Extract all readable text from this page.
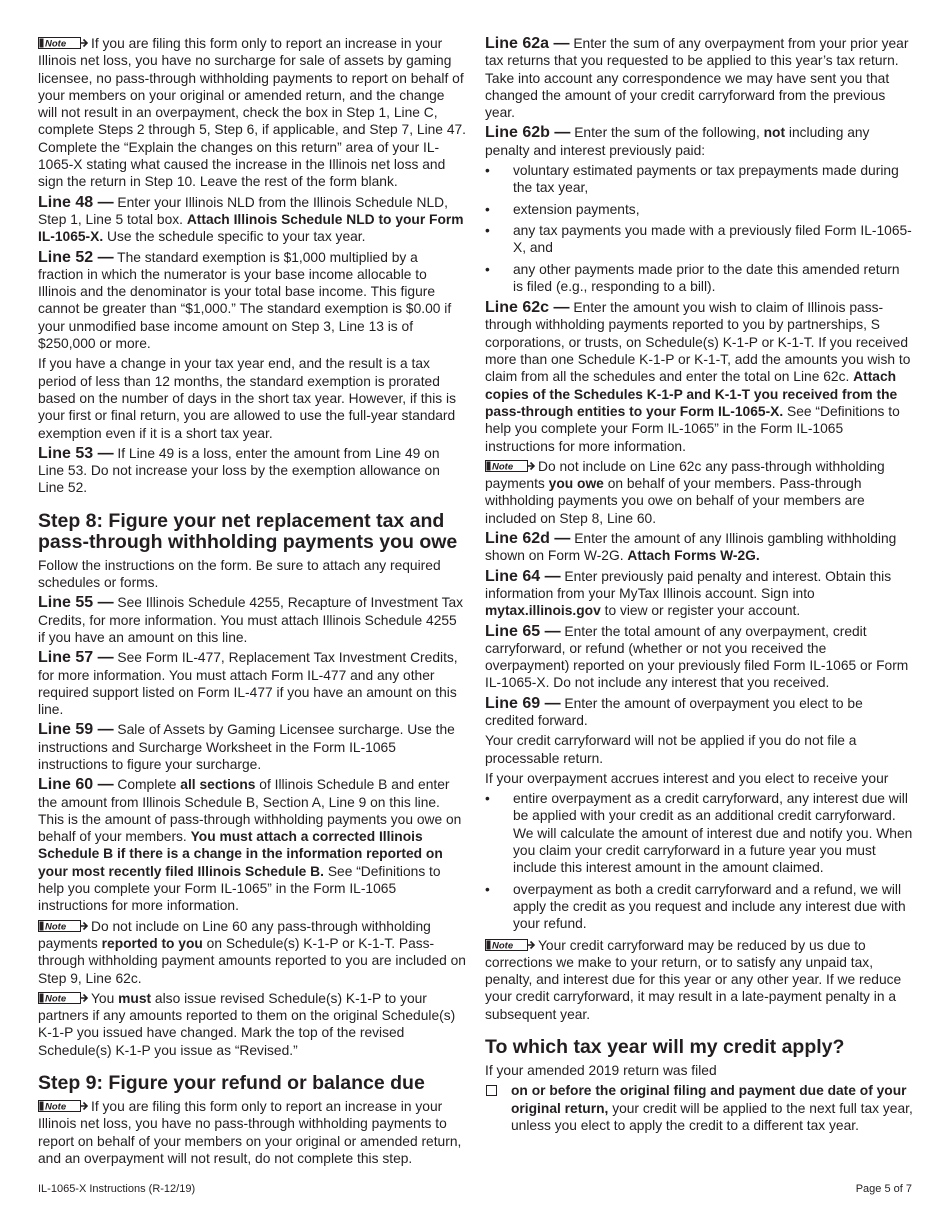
If you are filing this form only to report an increase in your Illinois net loss, you have no surcharge for sale of assets by gaming licensee, no pass-through withholding payments to report on behalf of your members on your original or amended return, and the change will not result in an overpayment, check the box in Step 1, Line C, complete Steps 2 through 5, Step 6, if applicable, and Step 7, Line 47. Complete the “Explain the changes on this return” area of your IL-1065-X stating what caused the increase in the Illinois net loss and sign the return in Step 10. Leave the rest of the form blank.

Line 48 — Enter your Illinois NLD from the Illinois Schedule NLD, Step 1, Line 5 total box. Attach Illinois Schedule NLD to your Form IL-1065-X. Use the schedule specific to your tax year.

Line 52 — The standard exemption is $1,000 multiplied by a fraction in which the numerator is your base income allocable to Illinois and the denominator is your total base income. This figure cannot be greater than “$1,000.” The standard exemption is $0.00 if your unmodified base income amount on Step 3, Line 13 is of $250,000 or more.

If you have a change in your tax year end, and the result is a tax period of less than 12 months, the standard exemption is prorated based on the number of days in the short tax year. However, if this is your first or final return, you are allowed to use the full-year standard exemption even if it is a short tax year.

Line 53 — If Line 49 is a loss, enter the amount from Line 49 on Line 53. Do not increase your loss by the exemption allowance on Line 52.

Step 8: Figure your net replacement tax and pass-through withholding payments you owe

Follow the instructions on the form. Be sure to attach any required schedules or forms.

Line 55 — See Illinois Schedule 4255, Recapture of Investment Tax Credits, for more information. You must attach Illinois Schedule 4255 if you have an amount on this line.

Line 57 — See Form IL-477, Replacement Tax Investment Credits, for more information. You must attach Form IL-477 and any other required support listed on Form IL-477 if you have an amount on this line.

Line 59 — Sale of Assets by Gaming Licensee surcharge. Use the instructions and Surcharge Worksheet in the Form IL-1065 instructions to figure your surcharge.

Line 60 — Complete all sections of Illinois Schedule B and enter the amount from Illinois Schedule B, Section A, Line 9 on this line. This is the amount of pass-through withholding payments you owe on behalf of your members. You must attach a corrected Illinois Schedule B if there is a change in the information reported on your most recently filed Illinois Schedule B. See “Definitions to help you complete your Form IL-1065” in the Form IL-1065 instructions for more information.

Do not include on Line 60 any pass-through withholding payments reported to you on Schedule(s) K-1-P or K-1-T. Pass-through withholding payment amounts reported to you are included on Step 9, Line 62c.

You must also issue revised Schedule(s) K-1-P to your partners if any amounts reported to them on the original Schedule(s) K-1-P you issued have changed. Mark the top of the revised Schedule(s) K-1-P you issue as “Revised.”

Step 9: Figure your refund or balance due

If you are filing this form only to report an increase in your Illinois net loss, you have no pass-through withholding payments to report on behalf of your members on your original or amended return, and an overpayment will not result, do not complete this step.

Line 62a — Enter the sum of any overpayment from your prior year tax returns that you requested to be applied to this year’s tax return. Take into account any correspondence we may have sent you that changed the amount of your credit carryforward from the previous year.

Line 62b — Enter the sum of the following, not including any penalty and interest previously paid:

• voluntary estimated payments or tax prepayments made during the tax year,
• extension payments,
• any tax payments you made with a previously filed Form IL-1065-X, and
• any other payments made prior to the date this amended return is filed (e.g., responding to a bill).

Line 62c — Enter the amount you wish to claim of Illinois pass-through withholding payments reported to you by partnerships, S corporations, or trusts, on Schedule(s) K-1-P or K-1-T. If you received more than one Schedule K-1-P or K-1-T, add the amounts you wish to claim from all the schedules and enter the total on Line 62c. Attach copies of the Schedules K-1-P and K-1-T you received from the pass-through entities to your Form IL-1065-X. See “Definitions to help you complete your Form IL-1065” in the Form IL-1065 instructions for more information.

Do not include on Line 62c any pass-through withholding payments you owe on behalf of your members. Pass-through withholding payments you owe on behalf of your members are included on Step 8, Line 60.

Line 62d — Enter the amount of any Illinois gambling withholding shown on Form W-2G. Attach Forms W-2G.

Line 64 — Enter previously paid penalty and interest. Obtain this information from your MyTax Illinois account. Sign into mytax.illinois.gov to view or register your account.

Line 65 — Enter the total amount of any overpayment, credit carryforward, or refund (whether or not you received the overpayment) reported on your previously filed Form IL-1065 or Form IL-1065-X. Do not include any interest that you received.

Line 69 — Enter the amount of overpayment you elect to be credited forward.

Your credit carryforward will not be applied if you do not file a processable return.

If your overpayment accrues interest and you elect to receive your

• entire overpayment as a credit carryforward, any interest due will be applied with your credit as an additional credit carryforward. We will calculate the amount of interest due and notify you. When you claim your credit carryforward in a future year you must include this interest amount in the amount claimed.
• overpayment as both a credit carryforward and a refund, we will apply the credit as you request and include any interest due with your refund.

Your credit carryforward may be reduced by us due to corrections we make to your return, or to satisfy any unpaid tax, penalty, and interest due for this year or any other year. If we reduce your credit carryforward, it may result in a late-payment penalty in a subsequent year.

To which tax year will my credit apply?

If your amended 2019 return was filed

on or before the original filing and payment due date of your original return, your credit will be applied to the next full tax year, unless you elect to apply the credit to a different tax year.
IL-1065-X Instructions (R-12/19)	Page 5 of 7
